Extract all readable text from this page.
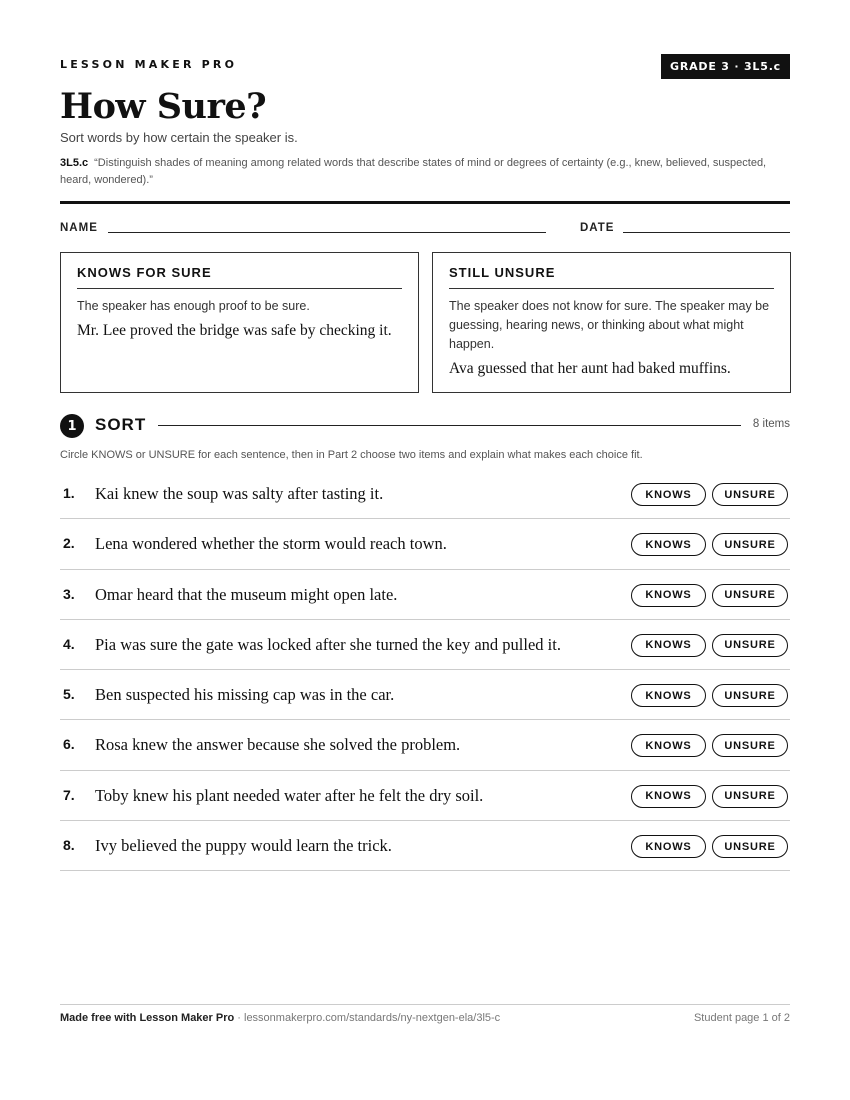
LESSON MAKER PRO	GRADE 3 · 3L5.c
How Sure?
Sort words by how certain the speaker is.
3L5.c “Distinguish shades of meaning among related words that describe states of mind or degrees of certainty (e.g., knew, believed, suspected, heard, wondered).”
NAME	DATE
KNOWS FOR SURE
The speaker has enough proof to be sure.
Mr. Lee proved the bridge was safe by checking it.
STILL UNSURE
The speaker does not know for sure. The speaker may be guessing, hearing news, or thinking about what might happen.
Ava guessed that her aunt had baked muffins.
1	SORT	8 items
Circle KNOWS or UNSURE for each sentence, then in Part 2 choose two items and explain what makes each choice fit.
1. Kai knew the soup was salty after tasting it.	KNOWS	UNSURE
2. Lena wondered whether the storm would reach town.	KNOWS	UNSURE
3. Omar heard that the museum might open late.	KNOWS	UNSURE
4. Pia was sure the gate was locked after she turned the key and pulled it.	KNOWS	UNSURE
5. Ben suspected his missing cap was in the car.	KNOWS	UNSURE
6. Rosa knew the answer because she solved the problem.	KNOWS	UNSURE
7. Toby knew his plant needed water after he felt the dry soil.	KNOWS	UNSURE
8. Ivy believed the puppy would learn the trick.	KNOWS	UNSURE
Made free with Lesson Maker Pro · lessonmakerpro.com/standards/ny-nextgen-ela/3l5-c	Student page 1 of 2
